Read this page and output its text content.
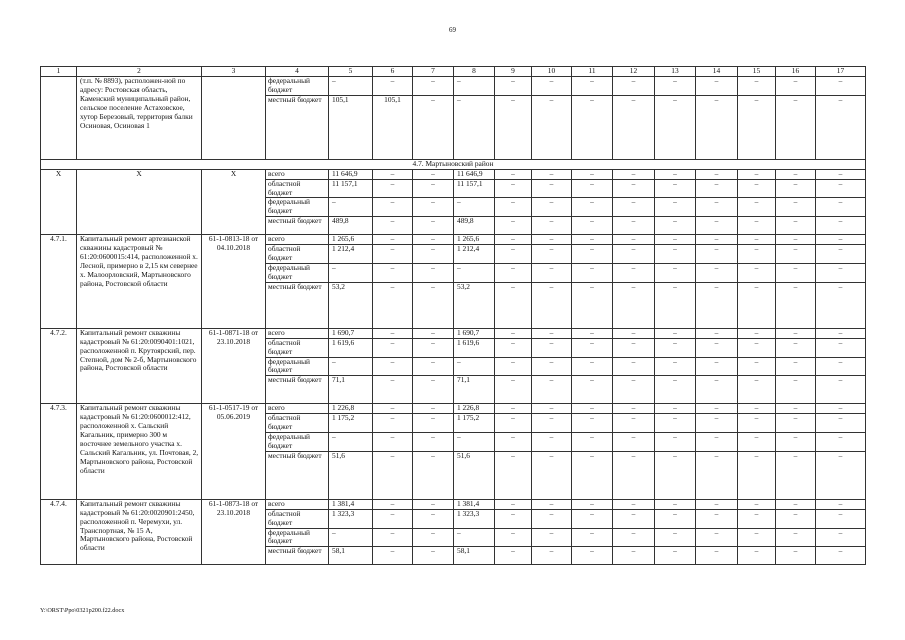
69
1	2	3	4	5	6	7	8	9	10	11	12	13	14	15	16	17
	(т.п. № 8893), расположен-ной по адресу: Ростовская область, Каменский муниципальный район, сельское поселение Астаховское, хутор Березовый, территория балки Осиновая, Осиновая 1		федеральный бюджет	–	–	–	–	–	–	–	–	–	–	–	–	–
			местный бюджет	105,1	105,1	–	–	–	–	–	–	–	–	–	–	–
4.7. Мартыновский район																
X	X	X	всего	11 646,9	–	–	11 646,9	–	–	–	–	–	–	–	–	–
			областной бюджет	11 157,1	–	–	11 157,1	–	–	–	–	–	–	–	–	–
			федеральный бюджет	–	–	–	–	–	–	–	–	–	–	–	–	–
			местный бюджет	489,8	–	–	489,8	–	–	–	–	–	–	–	–	–
4.7.1.	Капитальный ремонт артезианской скважины кадастровый № 61:20:0600015:414, расположенной х. Лесной, примерно в 2,15 км севернее х. Малоорловский, Мартыновского района, Ростовской области	61-1-0813-18 от 04.10.2018	всего	1 265,6	–	–	1 265,6	–	–	–	–	–	–	–	–	–
			областной бюджет	1 212,4	–	–	1 212,4	–	–	–	–	–	–	–	–	–
			федеральный бюджет	–	–	–	–	–	–	–	–	–	–	–	–	–
			местный бюджет	53,2	–	–	53,2	–	–	–	–	–	–	–	–	–
4.7.2.	Капитальный ремонт скважины кадастровый № 61:20:0090401:1021, расположенной п. Крутоярский, пер. Степной, дом № 2-б, Мартыновского района, Ростовской области	61-1-0871-18 от 23.10.2018	всего	1 690,7	–	–	1 690,7	–	–	–	–	–	–	–	–	–
			областной бюджет	1 619,6	–	–	1 619,6	–	–	–	–	–	–	–	–	–
			федеральный бюджет	–	–	–	–	–	–	–	–	–	–	–	–	–
			местный бюджет	71,1	–	–	71,1	–	–	–	–	–	–	–	–	–
4.7.3.	Капитальный ремонт скважины кадастровый № 61:20:0600012:412, расположенной х. Сальский Кагальник, примерно 300 м восточнее земельного участка х. Сальский Кагальник, ул. Почтовая, 2, Мартыновского района, Ростовской области	61-1-0517-19 от 05.06.2019	всего	1 226,8	–	–	1 226,8	–	–	–	–	–	–	–	–	–
			областной бюджет	1 175,2	–	–	1 175,2	–	–	–	–	–	–	–	–	–
			федеральный бюджет	–	–	–	–	–	–	–	–	–	–	–	–	–
			местный бюджет	51,6	–	–	51,6	–	–	–	–	–	–	–	–	–
4.7.4.	Капитальный ремонт скважины кадастровый № 61:20:0020901:2450, расположенной п. Черемухи, ул. Транспортная, № 15 А, Мартыновского района, Ростовской области	61-1-0873-18 от 23.10.2018	всего	1 381,4	–	–	1 381,4	–	–	–	–	–	–	–	–	–
			областной бюджет	1 323,3	–	–	1 323,3	–	–	–	–	–	–	–	–	–
			федеральный бюджет	–	–	–	–	–	–	–	–	–	–	–	–	–
			местный бюджет	58,1	–	–	58,1	–	–	–	–	–	–	–	–	–
Y:\ORST\Ppo\0321p200.f22.docx
